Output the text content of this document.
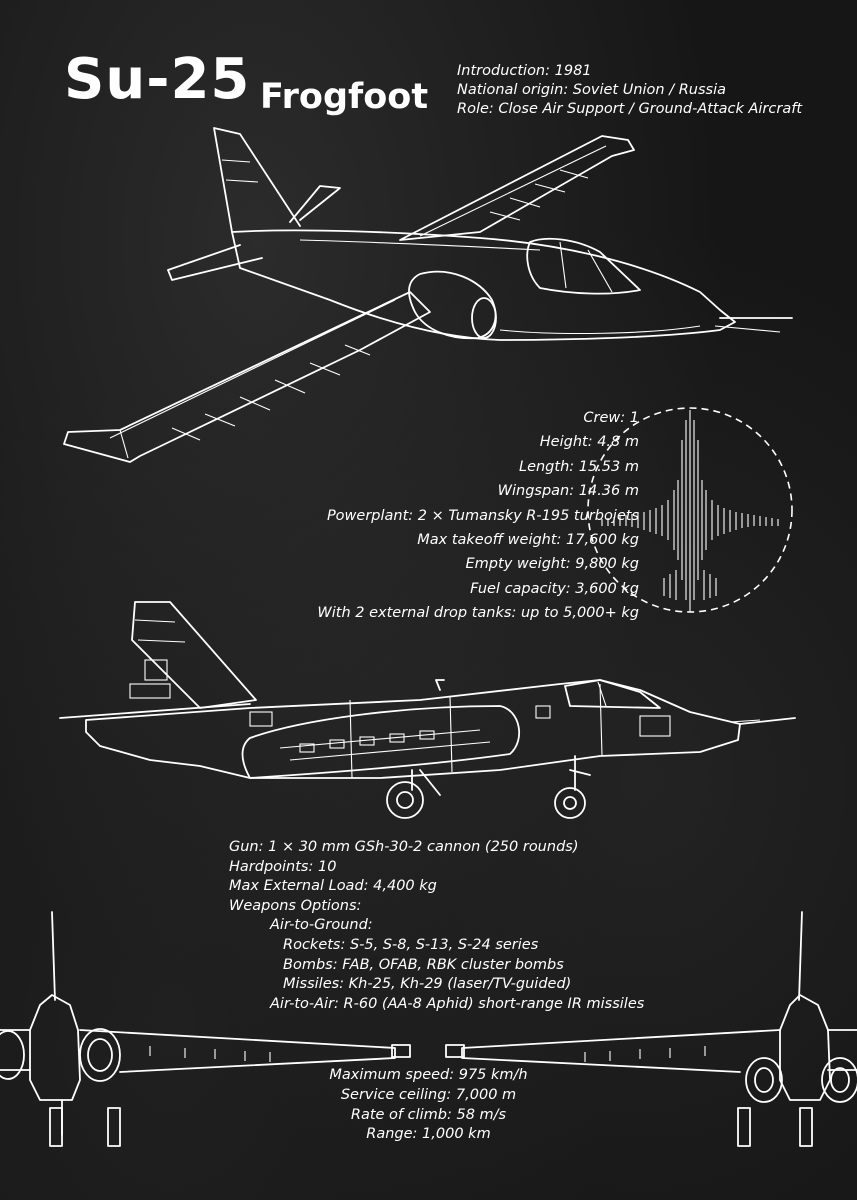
Su-25 Frogfoot
Introduction: 1981
National origin: Soviet Union / Russia
Role: Close Air Support / Ground-Attack Aircraft
Crew: 1
Height: 4.8 m
Length: 15.53 m
Wingspan: 14.36 m
Powerplant: 2 × Tumansky R-195 turbojets
Max takeoff weight: 17,600 kg
Empty weight: 9,800 kg
Fuel capacity: 3,600 kg
With 2 external drop tanks: up to 5,000+ kg
Gun: 1 × 30 mm GSh-30-2 cannon (250 rounds)
Hardpoints: 10
Max External Load: 4,400 kg
Weapons Options:
Air-to-Ground:
Rockets: S-5, S-8, S-13, S-24 series
Bombs: FAB, OFAB, RBK cluster bombs
Missiles: Kh-25, Kh-29 (laser/TV-guided)
Air-to-Air: R-60 (AA-8 Aphid) short-range IR missiles
Maximum speed: 975 km/h
Service ceiling: 7,000 m
Rate of climb: 58 m/s
Range: 1,000 km
